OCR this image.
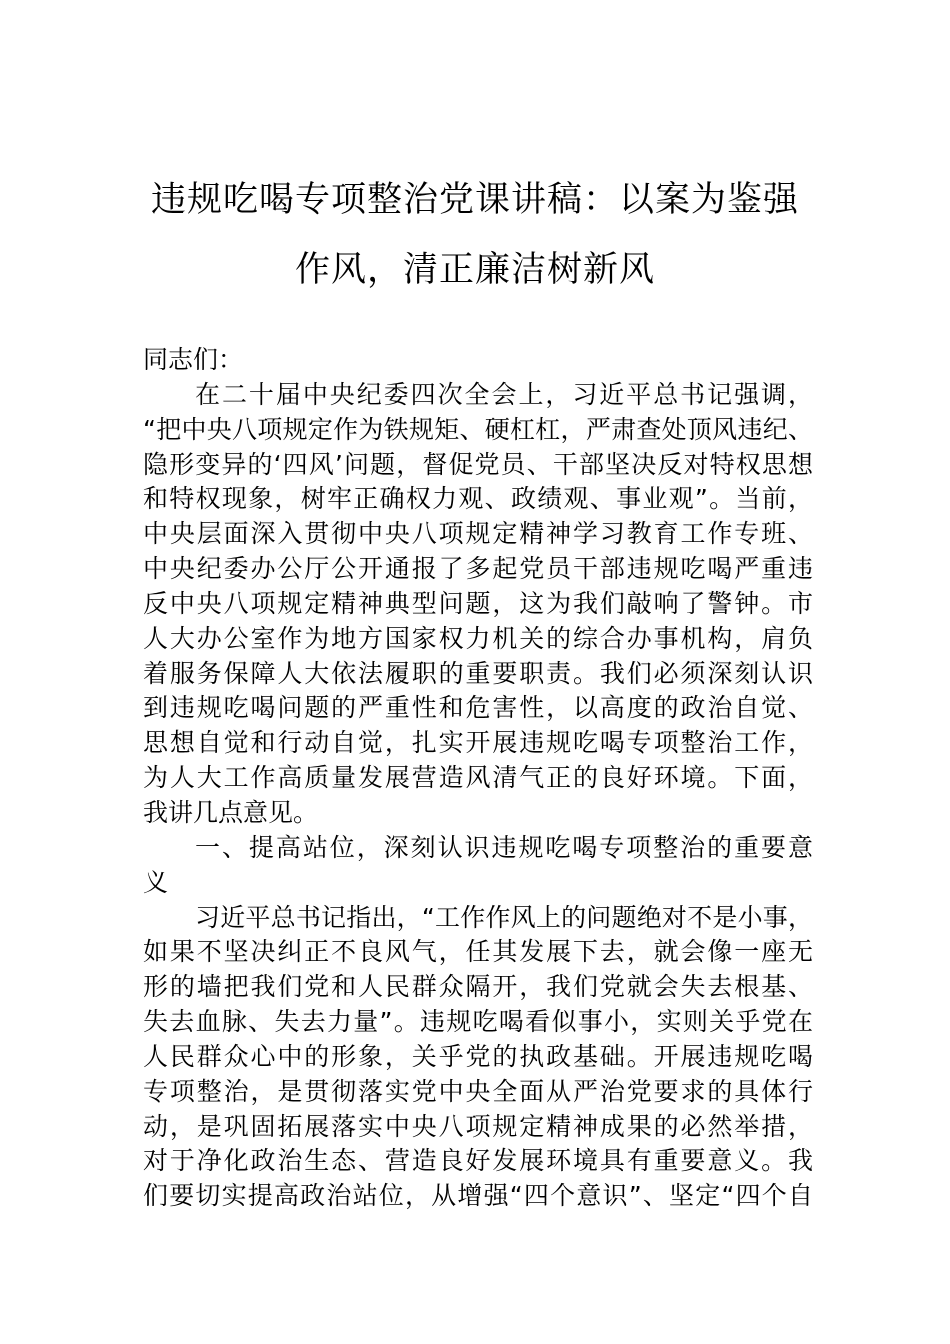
违规吃喝专项整治党课讲稿：以案为鉴强
作风，清正廉洁树新风
同志们：
在二十届中央纪委四次全会上，习近平总书记强调，
“把中央八项规定作为铁规矩、硬杠杠，严肃查处顶风违纪、
隐形变异的‘四风’问题，督促党员、干部坚决反对特权思想
和特权现象，树牢正确权力观、政绩观、事业观”。当前，
中央层面深入贯彻中央八项规定精神学习教育工作专班、
中央纪委办公厅公开通报了多起党员干部违规吃喝严重违
反中央八项规定精神典型问题，这为我们敲响了警钟。市
人大办公室作为地方国家权力机关的综合办事机构，肩负
着服务保障人大依法履职的重要职责。我们必须深刻认识
到违规吃喝问题的严重性和危害性，以高度的政治自觉、
思想自觉和行动自觉，扎实开展违规吃喝专项整治工作，
为人大工作高质量发展营造风清气正的良好环境。下面，
我讲几点意见。
一、提高站位，深刻认识违规吃喝专项整治的重要意
义
习近平总书记指出，“工作作风上的问题绝对不是小事，
如果不坚决纠正不良风气，任其发展下去，就会像一座无
形的墙把我们党和人民群众隔开，我们党就会失去根基、
失去血脉、失去力量”。违规吃喝看似事小，实则关乎党在
人民群众心中的形象，关乎党的执政基础。开展违规吃喝
专项整治，是贯彻落实党中央全面从严治党要求的具体行
动，是巩固拓展落实中央八项规定精神成果的必然举措，
对于净化政治生态、营造良好发展环境具有重要意义。我
们要切实提高政治站位，从增强“四个意识”、坚定“四个自
